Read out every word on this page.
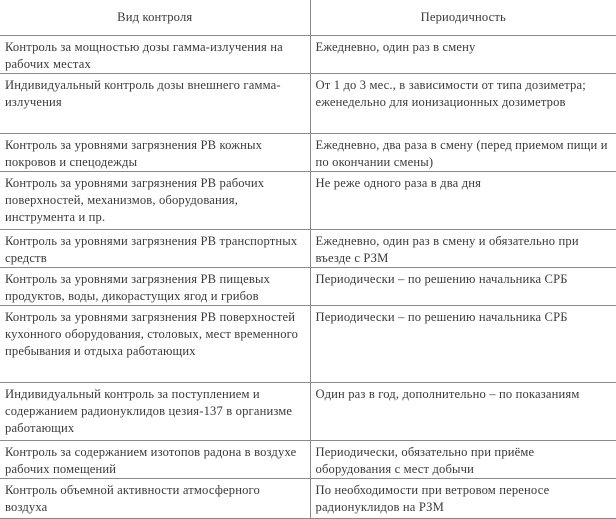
Вид контроля	Периодичность
Контроль за мощностью дозы гамма-излучения на рабочих местах	Ежедневно, один раз в смену
Индивидуальный контроль дозы внешнего гамма-излучения	От 1 до 3 мес., в зависимости от типа дозиметра; еженедельно для ионизационных дозиметров
Контроль за уровнями загрязнения РВ кожных покровов и спецодежды	Ежедневно, два раза в смену (перед приемом пищи и по окончании смены)
Контроль за уровнями загрязнения РВ рабочих поверхностей, механизмов, оборудования, инструмента и пр.	Не реже одного раза в два дня
Контроль за уровнями загрязнения РВ транспортных средств	Ежедневно, один раз в смену и обязательно при въезде с РЗМ
Контроль за уровнями загрязнения РВ пищевых продуктов, воды, дикорастущих ягод и грибов	Периодически – по решению начальника СРБ
Контроль за уровнями загрязнения РВ поверхностей кухонного оборудования, столовых, мест временного пребывания и отдыха работающих	Периодически – по решению начальника СРБ
Индивидуальный контроль за поступлением и содержанием радионуклидов цезия-137 в организме работающих	Один раз в год, дополнительно – по показаниям
Контроль за содержанием изотопов радона в воздухе рабочих помещений	Периодически, обязательно при приёме оборудования с мест добычи
Контроль объемной активности атмосферного воздуха	По необходимости при ветровом переносе радионуклидов на РЗМ
